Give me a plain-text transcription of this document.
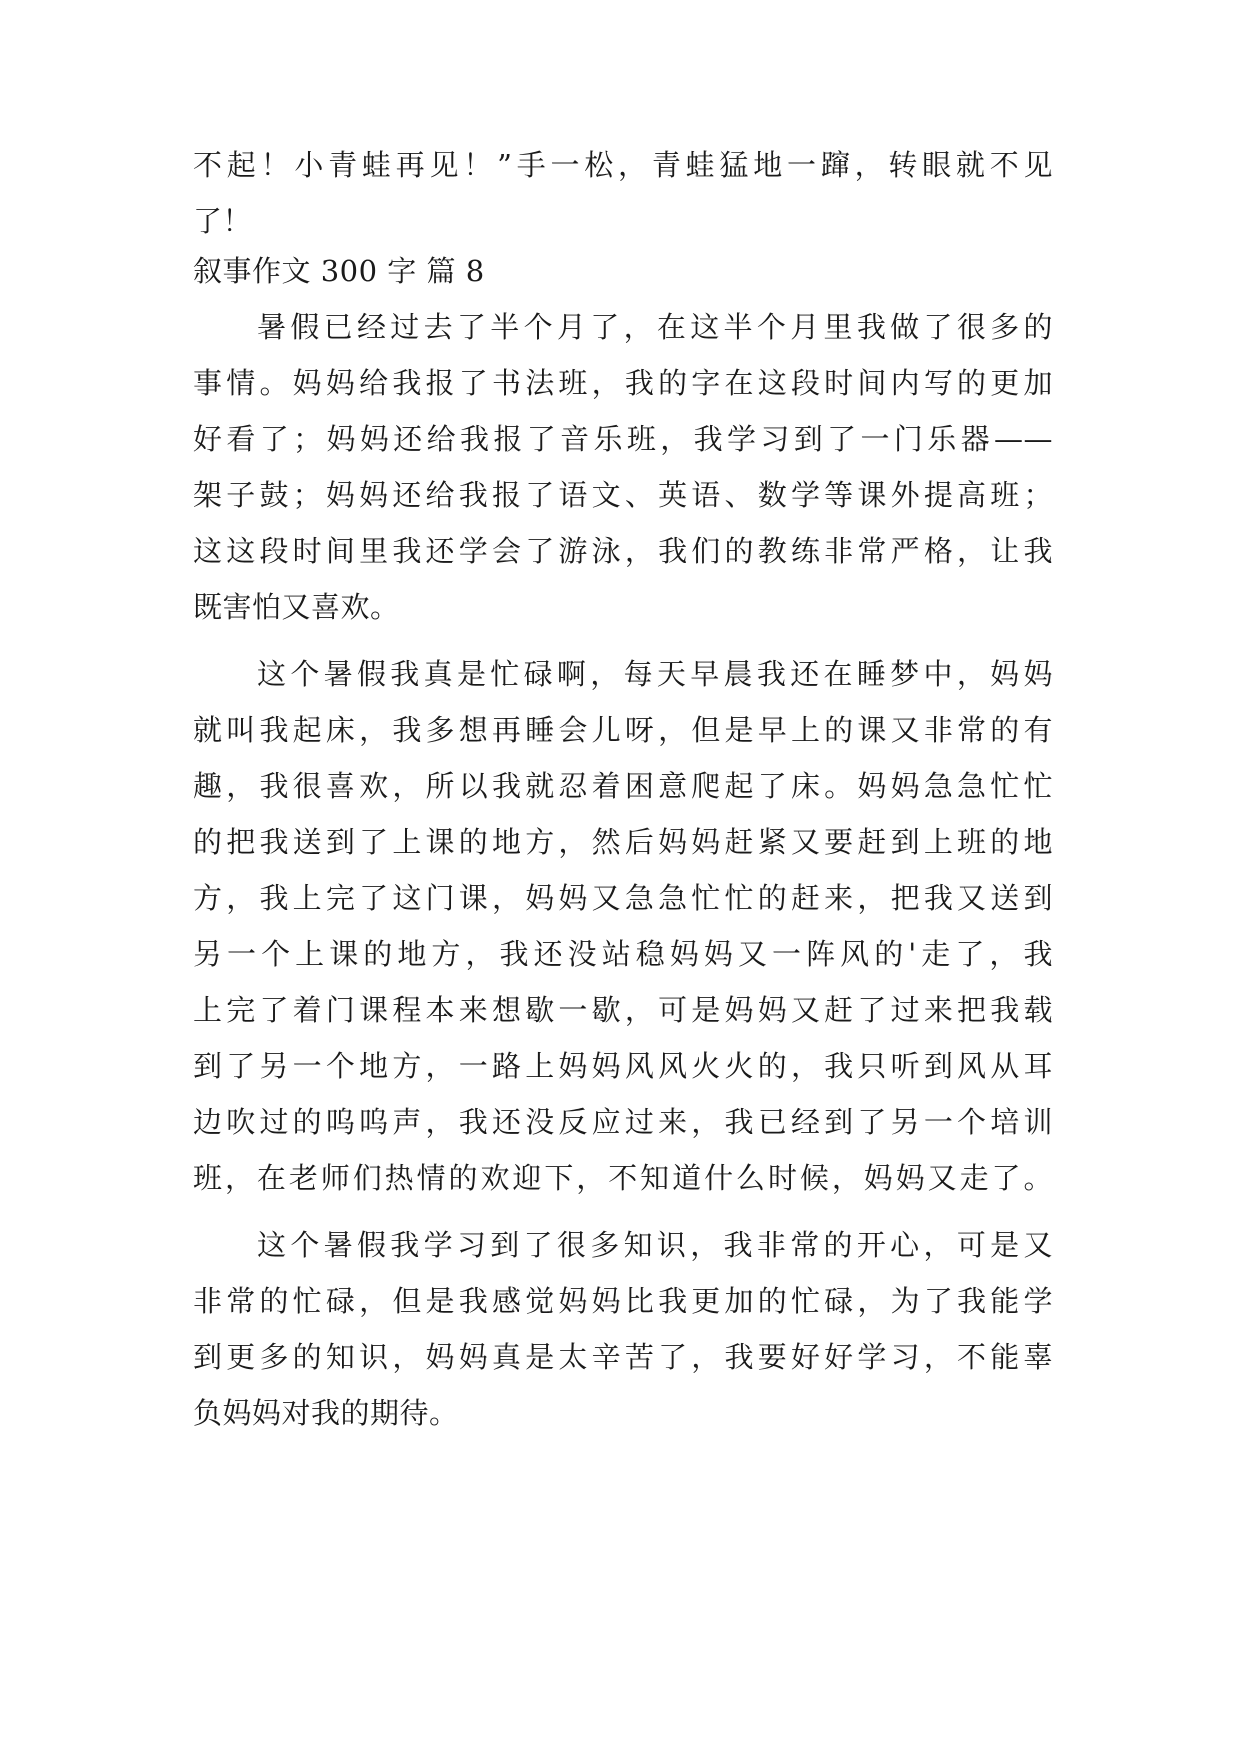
不起！小青蛙再见！”手一松，青蛙猛地一蹿，转眼就不见
了！
叙事作文 300 字 篇 8
暑假已经过去了半个月了，在这半个月里我做了很多的
事情。妈妈给我报了书法班，我的字在这段时间内写的更加
好看了；妈妈还给我报了音乐班，我学习到了一门乐器——
架子鼓；妈妈还给我报了语文、英语、数学等课外提高班；
这这段时间里我还学会了游泳，我们的教练非常严格，让我
既害怕又喜欢。
这个暑假我真是忙碌啊，每天早晨我还在睡梦中，妈妈
就叫我起床，我多想再睡会儿呀，但是早上的课又非常的有
趣，我很喜欢，所以我就忍着困意爬起了床。妈妈急急忙忙
的把我送到了上课的地方，然后妈妈赶紧又要赶到上班的地
方，我上完了这门课，妈妈又急急忙忙的赶来，把我又送到
另一个上课的地方，我还没站稳妈妈又一阵风的'走了，我
上完了着门课程本来想歇一歇，可是妈妈又赶了过来把我载
到了另一个地方，一路上妈妈风风火火的，我只听到风从耳
边吹过的呜呜声，我还没反应过来，我已经到了另一个培训
班，在老师们热情的欢迎下，不知道什么时候，妈妈又走了。
这个暑假我学习到了很多知识，我非常的开心，可是又
非常的忙碌，但是我感觉妈妈比我更加的忙碌，为了我能学
到更多的知识，妈妈真是太辛苦了，我要好好学习，不能辜
负妈妈对我的期待。
